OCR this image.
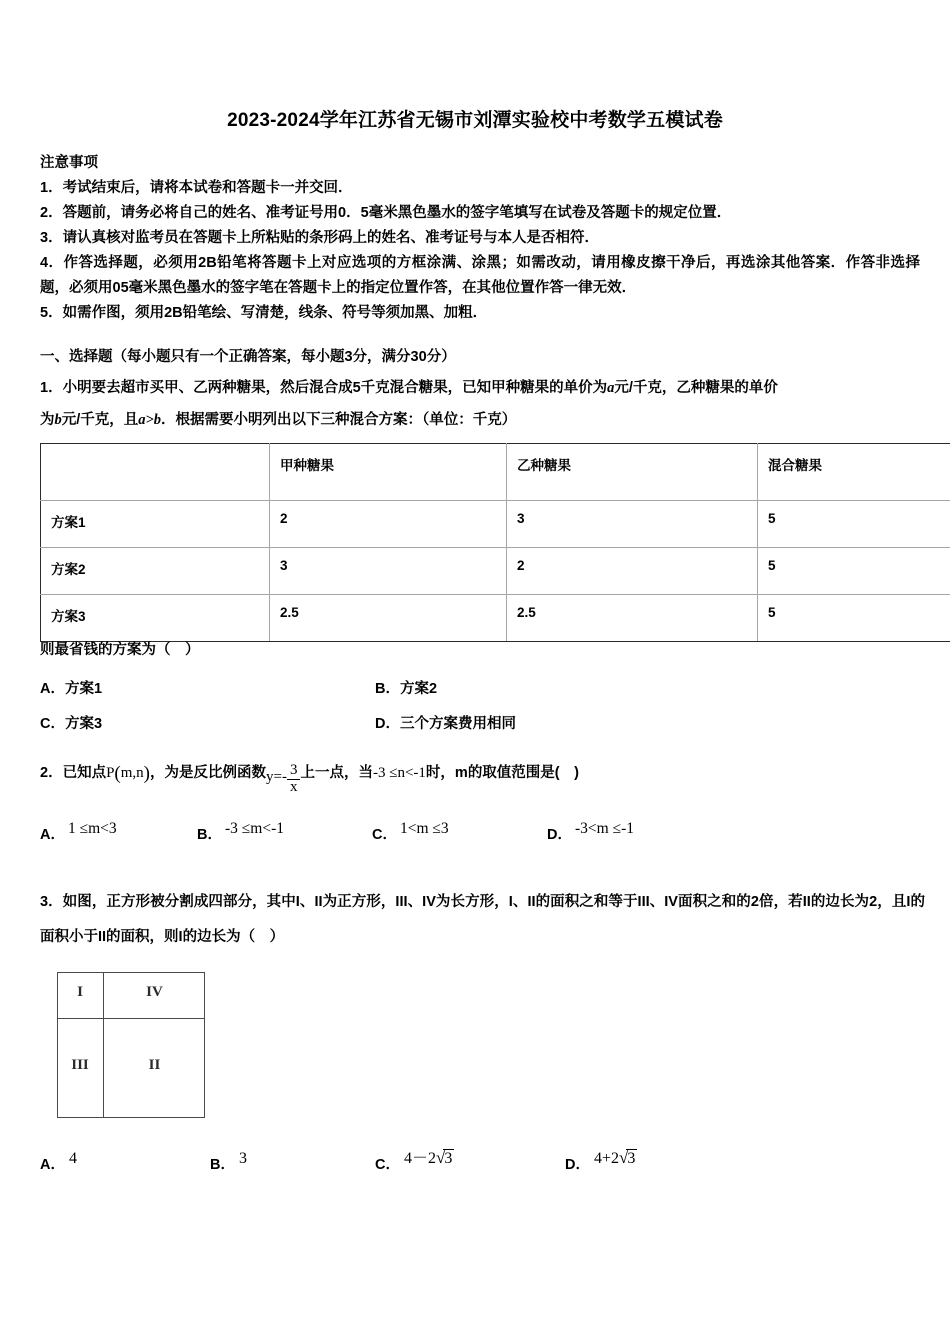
2023-2024学年江苏省无锡市刘潭实验校中考数学五模试卷
注意事项
1．考试结束后，请将本试卷和答题卡一并交回．
2．答题前，请务必将自己的姓名、准考证号用0．5毫米黑色墨水的签字笔填写在试卷及答题卡的规定位置．
3．请认真核对监考员在答题卡上所粘贴的条形码上的姓名、准考证号与本人是否相符．
4．作答选择题，必须用2B铅笔将答题卡上对应选项的方框涂满、涂黑；如需改动，请用橡皮擦干净后，再选涂其他答案．作答非选择题，必须用05毫米黑色墨水的签字笔在答题卡上的指定位置作答，在其他位置作答一律无效．
5．如需作图，须用2B铅笔绘、写清楚，线条、符号等须加黑、加粗．
一、选择题（每小题只有一个正确答案，每小题3分，满分30分）
1．小明要去超市买甲、乙两种糖果，然后混合成5千克混合糖果，已知甲种糖果的单价为a元/千克，乙种糖果的单价
为b元/千克，且a>b．根据需要小明列出以下三种混合方案：（单位：千克）
	甲种糖果	乙种糖果	混合糖果
方案1	2	3	5
方案2	3	2	5
方案3	2.5	2.5	5
则最省钱的方案为（　）
A．方案1	B．方案2
C．方案3	D．三个方案费用相同
2．已知点P(m,n)，为是反比例函数$y=- \frac{3}{x}$ 上一点，当-3 ≤n<-1时，m的取值范围是(　)
A． 1 ≤m<3	B． -3 ≤m<-1	C． 1<m ≤3	D． -3<m ≤-1
3．如图，正方形被分割成四部分，其中I、II为正方形，III、IV为长方形，I、II的面积之和等于III、IV面积之和的2倍，若II的边长为2，且I的面积小于II的面积，则I的边长为（　）
I	IV
III	II
A． 4	B． 3	C． 4－2√3	D． 4+2√3
